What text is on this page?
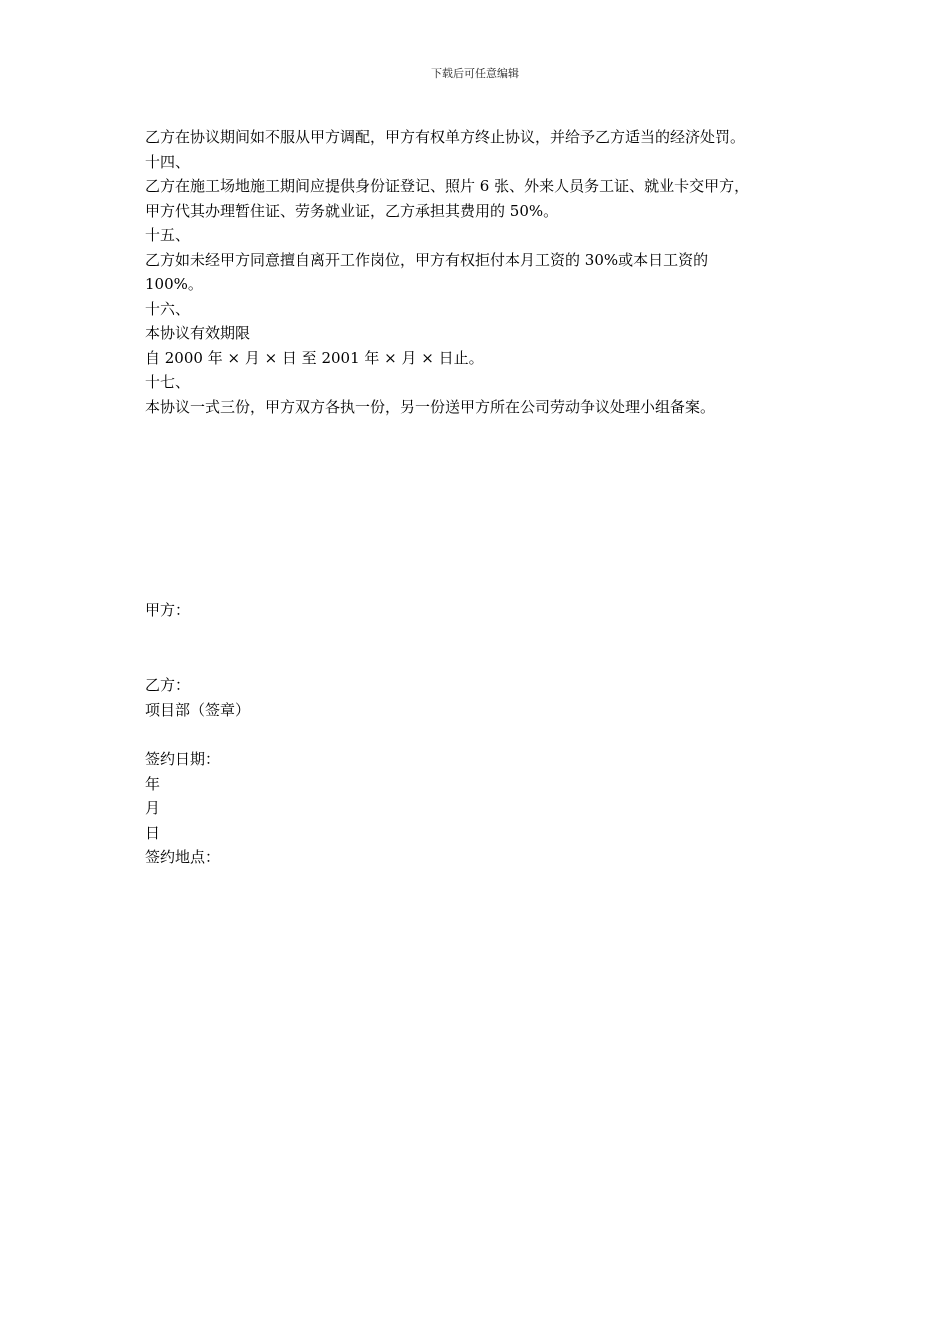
下载后可任意编辑
乙方在协议期间如不服从甲方调配，甲方有权单方终止协议，并给予乙方适当的经济处罚。
十四、
乙方在施工场地施工期间应提供身份证登记、照片 6 张、外来人员务工证、就业卡交甲方，
甲方代其办理暂住证、劳务就业证，乙方承担其费用的 50%。
十五、
乙方如未经甲方同意擅自离开工作岗位，甲方有权拒付本月工资的 30%或本日工资的
100%。
十六、
本协议有效期限
自 2000 年 × 月 × 日 至 2001 年 × 月 × 日止。
十七、
本协议一式三份，甲方双方各执一份，另一份送甲方所在公司劳动争议处理小组备案。
甲方：
乙方：
项目部（签章）
签约日期：
年
月
日
签约地点：
